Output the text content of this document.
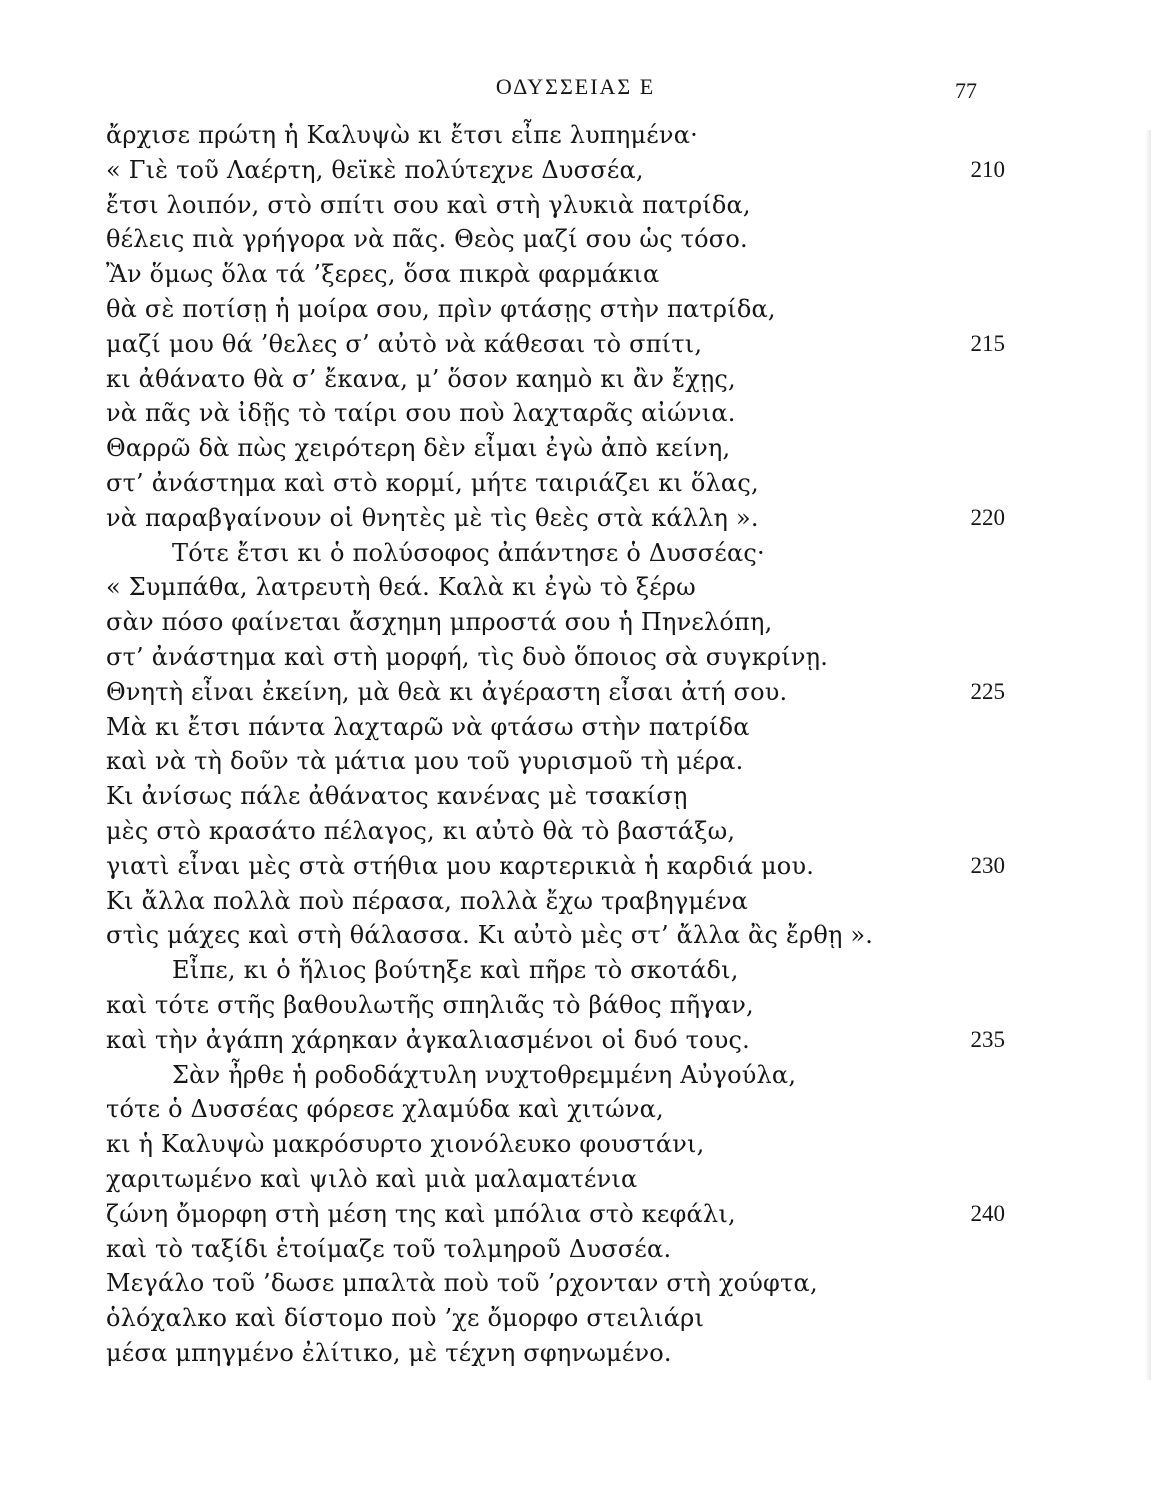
ΟΔΥΣΣΕΙΑΣ Ε	77
ἄρχισε πρώτη ἡ Καλυψὼ κι ἔτσι εἶπε λυπημένα·
« Γιὲ τοῦ Λαέρτη, θεϊκὲ πολύτεχνε Δυσσέα,	210
ἔτσι λοιπόν, στὸ σπίτι σου καὶ στὴ γλυκιὰ πατρίδα,
θέλεις πιὰ γρήγορα νὰ πᾶς. Θεὸς μαζί σου ὡς τόσο.
Ἂν ὅμως ὅλα τά ’ξερες, ὅσα πικρὰ φαρμάκια
θὰ σὲ ποτίσῃ ἡ μοίρα σου, πρὶν φτάσῃς στὴν πατρίδα,
μαζί μου θά ’θελες σ’ αὐτὸ νὰ κάθεσαι τὸ σπίτι,	215
κι ἀθάνατο θὰ σ’ ἔκανα, μ’ ὅσον καημὸ κι ἂν ἔχῃς,
νὰ πᾶς νὰ ἰδῇς τὸ ταίρι σου ποὺ λαχταρᾶς αἰώνια.
Θαρρῶ δὰ πὼς χειρότερη δὲν εἶμαι ἐγὼ ἀπὸ κείνη,
στ’ ἀνάστημα καὶ στὸ κορμί, μήτε ταιριάζει κι ὅλας,
νὰ παραβγαίνουν οἱ θνητὲς μὲ τὶς θεὲς στὰ κάλλη ».	220
Τότε ἔτσι κι ὁ πολύσοφος ἀπάντησε ὁ Δυσσέας·
« Συμπάθα, λατρευτὴ θεά. Καλὰ κι ἐγὼ τὸ ξέρω
σὰν πόσο φαίνεται ἄσχημη μπροστά σου ἡ Πηνελόπη,
στ’ ἀνάστημα καὶ στὴ μορφή, τὶς δυὸ ὅποιος σὰ συγκρίνῃ.
Θνητὴ εἶναι ἐκείνη, μὰ θεὰ κι ἀγέραστη εἶσαι ἀτή σου.	225
Μὰ κι ἔτσι πάντα λαχταρῶ νὰ φτάσω στὴν πατρίδα
καὶ νὰ τὴ δοῦν τὰ μάτια μου τοῦ γυρισμοῦ τὴ μέρα.
Κι ἀνίσως πάλε ἀθάνατος κανένας μὲ τσακίσῃ
μὲς στὸ κρασάτο πέλαγος, κι αὐτὸ θὰ τὸ βαστάξω,
γιατὶ εἶναι μὲς στὰ στήθια μου καρτερικιὰ ἡ καρδιά μου.	230
Κι ἄλλα πολλὰ ποὺ πέρασα, πολλὰ ἔχω τραβηγμένα
στὶς μάχες καὶ στὴ θάλασσα. Κι αὐτὸ μὲς στ’ ἄλλα ἂς ἔρθῃ ».
Εἶπε, κι ὁ ἥλιος βούτηξε καὶ πῆρε τὸ σκοτάδι,
καὶ τότε στῆς βαθουλωτῆς σπηλιᾶς τὸ βάθος πῆγαν,
καὶ τὴν ἀγάπη χάρηκαν ἀγκαλιασμένοι οἱ δυό τους.	235
Σὰν ἦρθε ἡ ροδοδάχτυλη νυχτοθρεμμένη Αὐγούλα,
τότε ὁ Δυσσέας φόρεσε χλαμύδα καὶ χιτώνα,
κι ἡ Καλυψὼ μακρόσυρτο χιονόλευκο φουστάνι,
χαριτωμένο καὶ ψιλὸ καὶ μιὰ μαλαματένια
ζώνη ὄμορφη στὴ μέση της καὶ μπόλια στὸ κεφάλι,	240
καὶ τὸ ταξίδι ἑτοίμαζε τοῦ τολμηροῦ Δυσσέα.
Μεγάλο τοῦ ’δωσε μπαλτὰ ποὺ τοῦ ’ρχονταν στὴ χούφτα,
ὁλόχαλκο καὶ δίστομο ποὺ ’χε ὄμορφο στειλιάρι
μέσα μπηγμένο ἐλίτικο, μὲ τέχνη σφηνωμένο.
